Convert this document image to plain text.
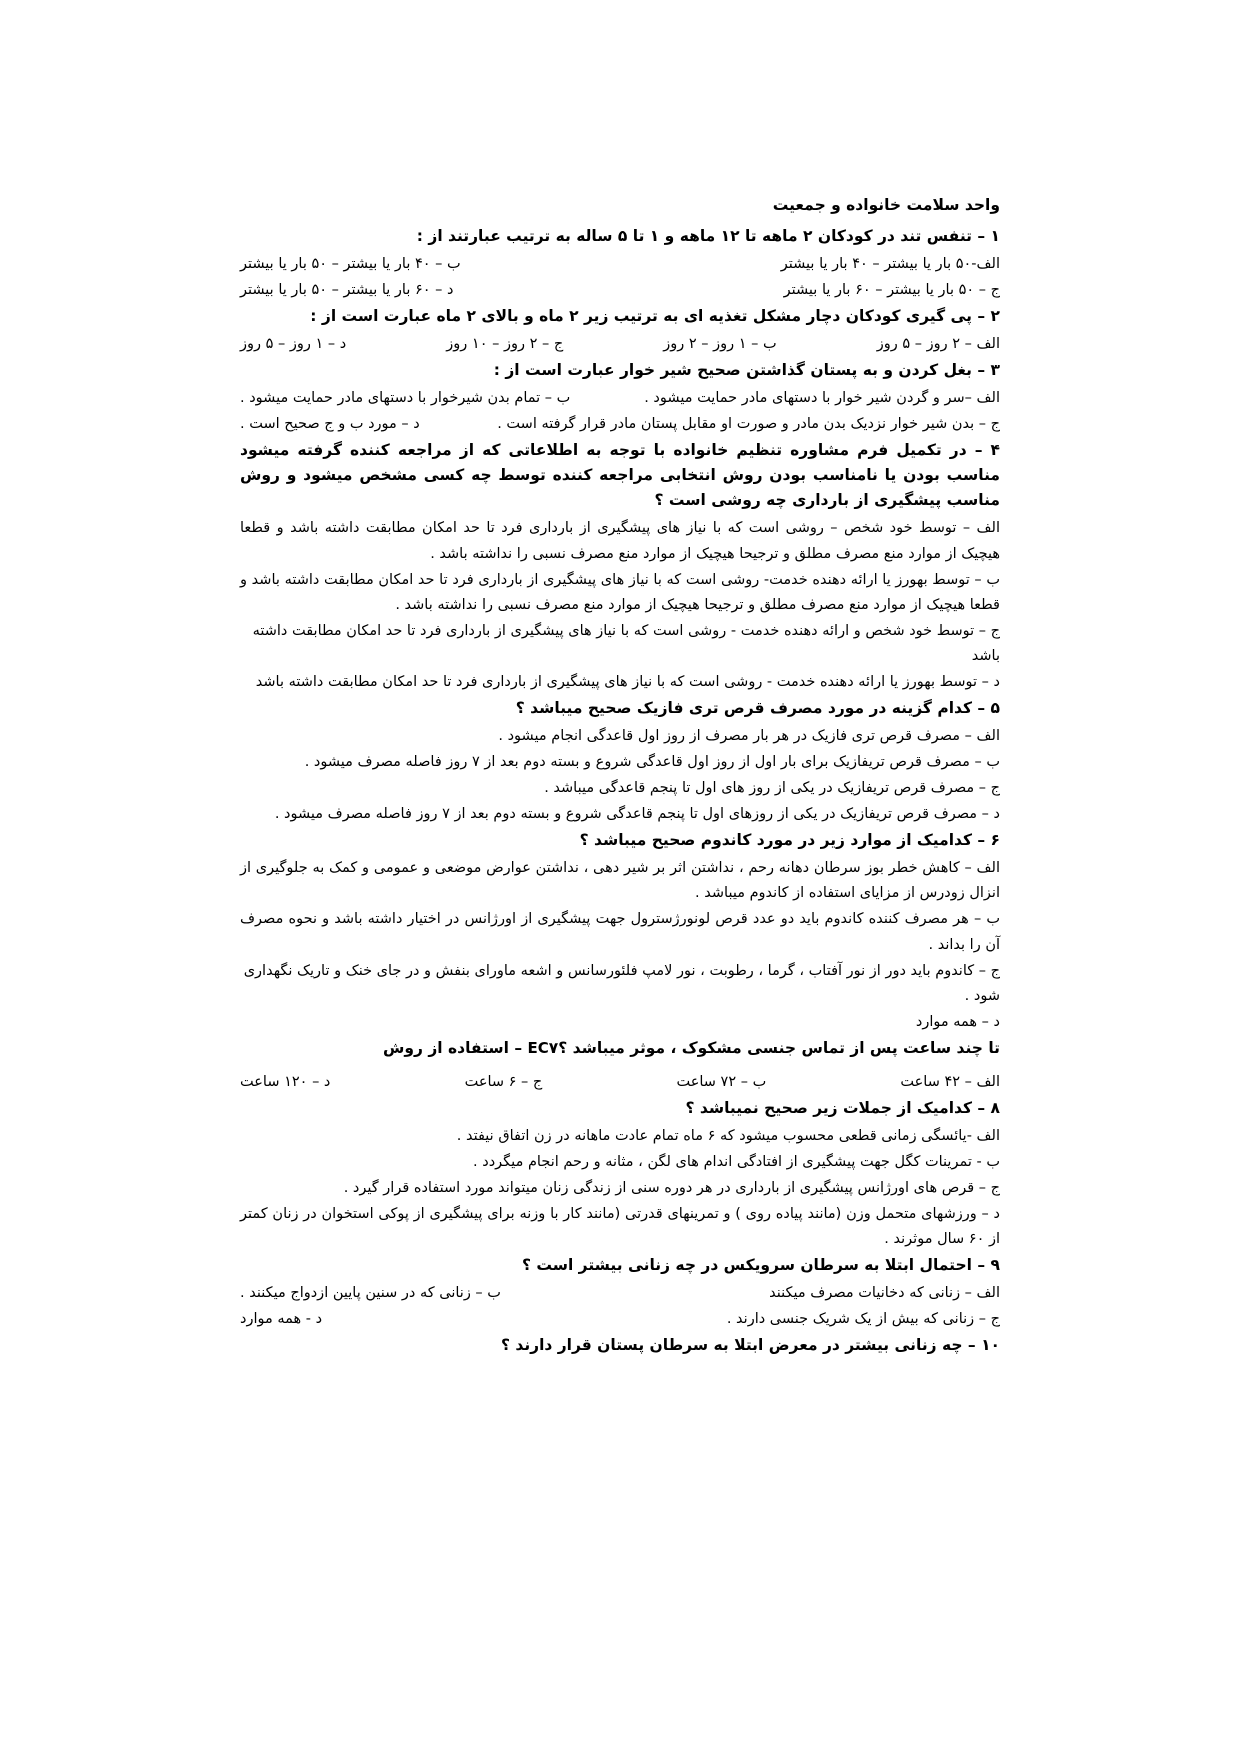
واحد سلامت خانواده و جمعیت
۱ – تنفس تند در کودکان ۲ ماهه تا ۱۲ ماهه و ۱ تا ۵ ساله به ترتیب عبارتند از :
الف-۵۰ بار یا بیشتر – ۴۰ بار یا بیشتر
ب – ۴۰ بار یا بیشتر – ۵۰ بار یا بیشتر
ج – ۵۰ بار یا بیشتر – ۶۰ بار یا بیشتر
د – ۶۰ بار یا بیشتر – ۵۰ بار یا بیشتر
۲ – پی گیری کودکان دچار مشکل تغذیه ای به ترتیب زیر ۲ ماه و بالای ۲ ماه عبارت است از :
الف – ۲ روز – ۵ روز
ب – ۱ روز – ۲ روز
ج – ۲ روز – ۱۰ روز
د – ۱ روز – ۵ روز
۳ – بغل کردن و به پستان گذاشتن صحیح شیر خوار عبارت است از :
الف –سر و گردن شیر خوار با دستهای مادر حمایت میشود .
ب – تمام بدن شیرخوار با دستهای مادر حمایت میشود .
ج – بدن شیر خوار نزدیک بدن مادر و صورت او مقابل پستان مادر قرار گرفته است .
د – مورد ب و ج صحیح است .
۴ – در تکمیل فرم مشاوره تنظیم خانواده با توجه به اطلاعاتی که از مراجعه کننده گرفته میشود مناسب بودن یا نامناسب بودن روش انتخابی مراجعه کننده توسط چه کسی مشخص میشود و روش مناسب پیشگیری از بارداری چه روشی است ؟
الف – توسط خود شخص – روشی است که با نیاز های پیشگیری از بارداری فرد تا حد امکان مطابقت داشته باشد و قطعا هیچیک از موارد منع مصرف مطلق و ترجیحا هیچیک از موارد منع مصرف نسبی را نداشته باشد .
ب – توسط بهورز یا ارائه دهنده خدمت- روشی است که با نیاز های پیشگیری از بارداری فرد تا حد امکان مطابقت داشته باشد و قطعا هیچیک از موارد منع مصرف مطلق و ترجیحا هیچیک از موارد منع مصرف نسبی را نداشته باشد .
ج – توسط خود شخص و ارائه دهنده خدمت - روشی است که با نیاز های پیشگیری از بارداری فرد تا حد امکان مطابقت داشته باشد
د – توسط بهورز یا ارائه دهنده خدمت - روشی است که با نیاز های پیشگیری از بارداری فرد تا حد امکان مطابقت داشته باشد
۵ – کدام گزینه در مورد مصرف قرص تری فازیک صحیح میباشد ؟
الف – مصرف قرص تری فازیک در هر بار مصرف از روز اول قاعدگی انجام میشود .
ب – مصرف قرص تریفازیک برای بار اول از روز اول قاعدگی شروع و بسته دوم بعد از ۷ روز فاصله مصرف میشود .
ج – مصرف قرص تریفازیک در یکی از روز های اول تا پنجم قاعدگی میباشد .
د – مصرف قرص تریفازیک در یکی از روزهای اول تا پنجم قاعدگی شروع و بسته دوم بعد از ۷ روز فاصله مصرف میشود .
۶ – کدامیک از موارد زیر در مورد کاندوم صحیح میباشد ؟
الف – کاهش خطر بوز سرطان دهانه رحم ، نداشتن اثر بر شیر دهی ، نداشتن عوارض موضعی و عمومی و کمک به جلوگیری از انزال زودرس از مزایای استفاده از کاندوم میباشد .
ب – هر مصرف کننده کاندوم باید دو عدد قرص لونورژسترول جهت پیشگیری از اورژانس در اختیار داشته باشد و نحوه مصرف آن را بداند .
ج – کاندوم باید دور از نور آفتاب ، گرما ، رطوبت ، نور لامپ فلئورسانس و اشعه ماورای بنفش و در جای خنک و تاریک نگهداری شود .
د – همه موارد
تا چند ساعت پس از تماس جنسی مشکوک ، موثر میباشد ؟EC۷ – استفاده از روش
الف – ۴۲ ساعت
ب – ۷۲ ساعت
ج – ۶ ساعت
د – ۱۲۰ ساعت
۸ – کدامیک از جملات زیر صحیح نمیباشد ؟
الف -یائسگی زمانی قطعی محسوب میشود که ۶ ماه تمام عادت ماهانه در زن اتفاق نیفتد .
ب - تمرینات کگل جهت پیشگیری از افتادگی اندام های لگن ، مثانه و رحم انجام میگردد .
ج – قرص های اورژانس پیشگیری از بارداری در هر دوره سنی از زندگی زنان میتواند مورد استفاده قرار گیرد .
د – ورزشهای متحمل وزن (مانند پیاده روی ) و تمرینهای قدرتی (مانند کار با وزنه برای پیشگیری از پوکی استخوان در زنان کمتر از ۶۰ سال موثرند .
۹ – احتمال ابتلا به سرطان سرویکس در چه زنانی بیشتر است ؟
الف – زنانی که دخانیات مصرف میکنند
ب – زنانی که در سنین پایین ازدواج میکنند .
ج – زنانی که بیش از یک شریک جنسی دارند .
د - همه موارد
۱۰ – چه زنانی بیشتر در معرض ابتلا به سرطان پستان قرار دارند ؟
